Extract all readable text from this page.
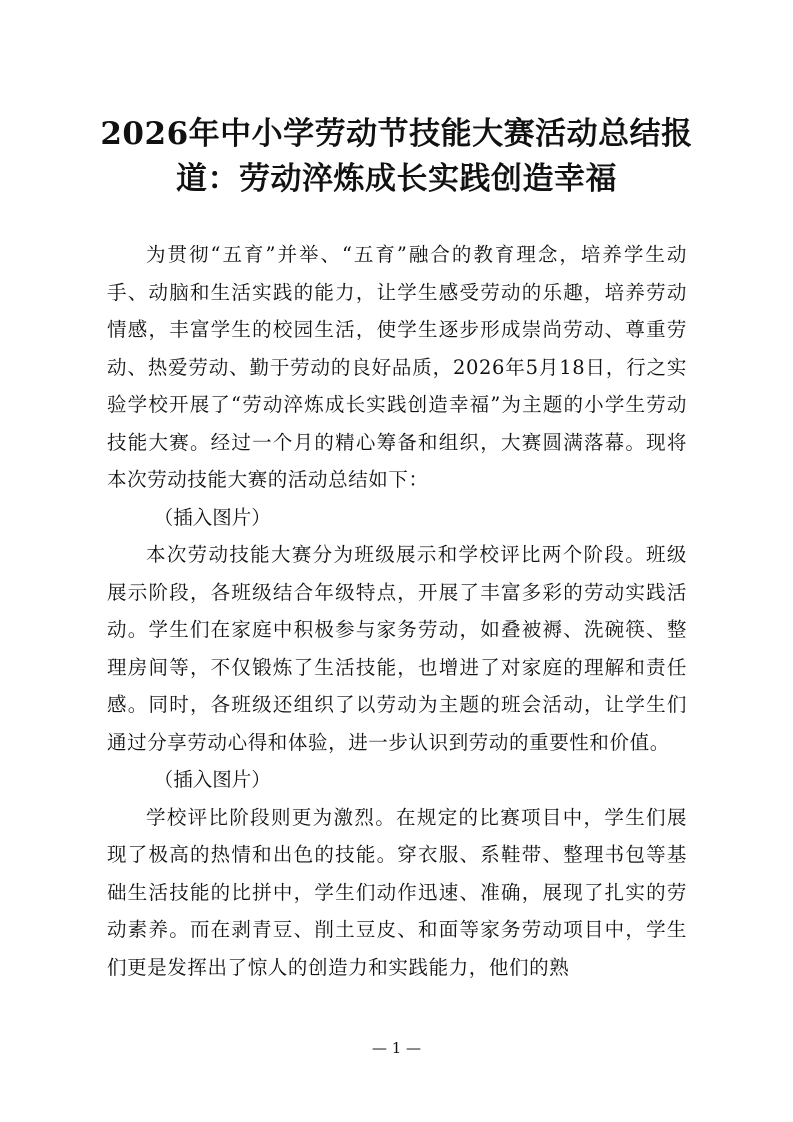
2026年中小学劳动节技能大赛活动总结报
道：劳动淬炼成长实践创造幸福

为贯彻“五育”并举、“五育”融合的教育理念，培养学生动手、动脑和生活实践的能力，让学生感受劳动的乐趣，培养劳动情感，丰富学生的校园生活，使学生逐步形成崇尚劳动、尊重劳动、热爱劳动、勤于劳动的良好品质，2026年5月18日，行之实验学校开展了“劳动淬炼成长实践创造幸福”为主题的小学生劳动技能大赛。经过一个月的精心筹备和组织，大赛圆满落幕。现将本次劳动技能大赛的活动总结如下：

（插入图片）

本次劳动技能大赛分为班级展示和学校评比两个阶段。班级展示阶段，各班级结合年级特点，开展了丰富多彩的劳动实践活动。学生们在家庭中积极参与家务劳动，如叠被褥、洗碗筷、整理房间等，不仅锻炼了生活技能，也增进了对家庭的理解和责任感。同时，各班级还组织了以劳动为主题的班会活动，让学生们通过分享劳动心得和体验，进一步认识到劳动的重要性和价值。

（插入图片）

学校评比阶段则更为激烈。在规定的比赛项目中，学生们展现了极高的热情和出色的技能。穿衣服、系鞋带、整理书包等基础生活技能的比拼中，学生们动作迅速、准确，展现了扎实的劳动素养。而在剥青豆、削土豆皮、和面等家务劳动项目中，学生们更是发挥出了惊人的创造力和实践能力，他们的熟

— 1 —
